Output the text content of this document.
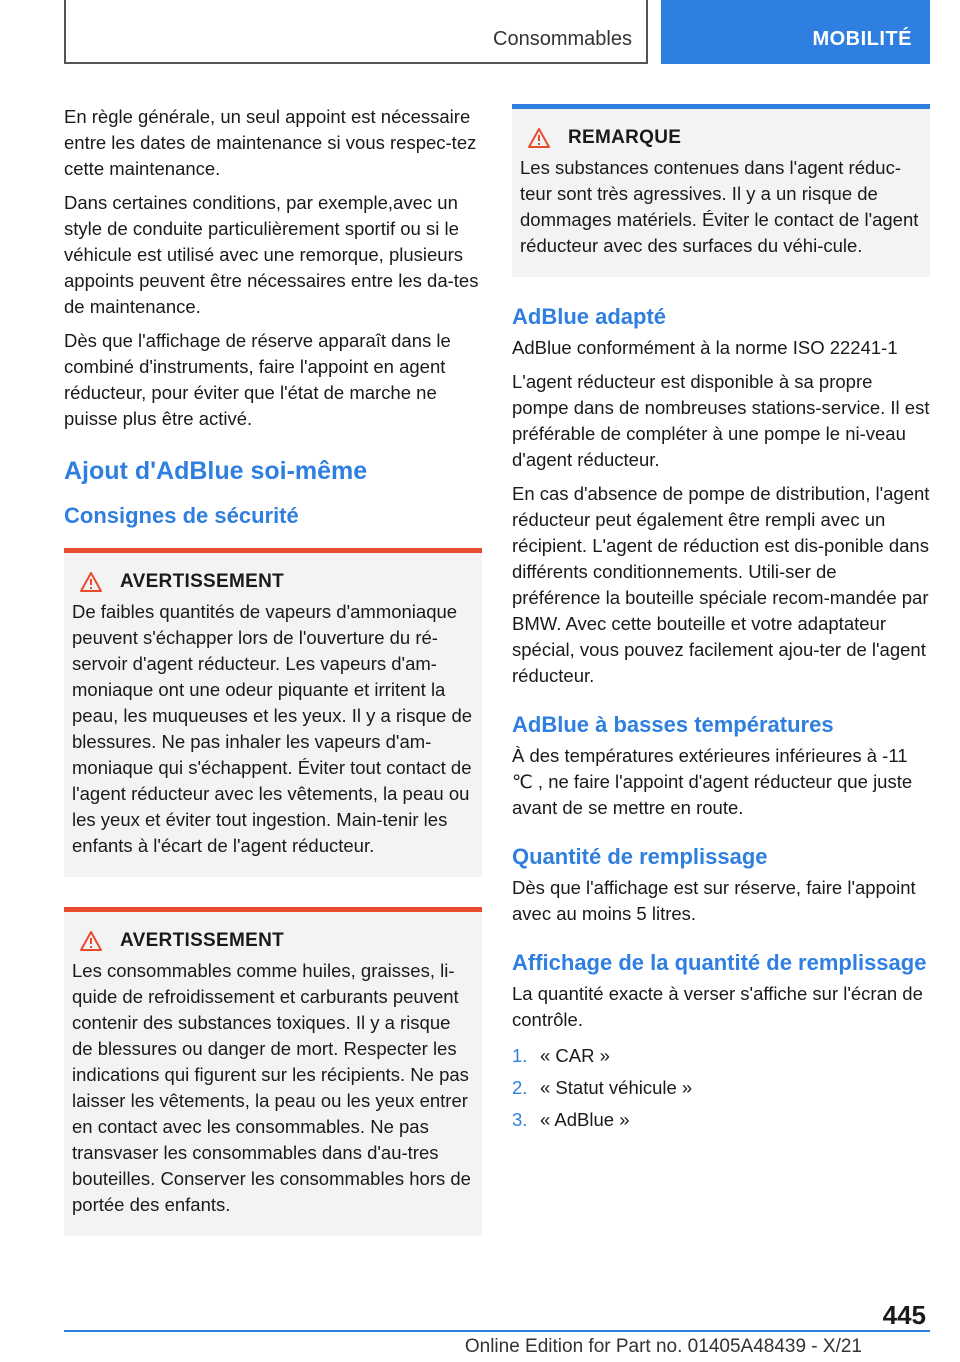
Consommables	MOBILITÉ

En règle générale, un seul appoint est nécessaire entre les dates de maintenance si vous respec-tez cette maintenance.

Dans certaines conditions, par exemple,avec un style de conduite particulièrement sportif ou si le véhicule est utilisé avec une remorque, plusieurs appoints peuvent être nécessaires entre les da-tes de maintenance.

Dès que l'affichage de réserve apparaît dans le combiné d'instruments, faire l'appoint en agent réducteur, pour éviter que l'état de marche ne puisse plus être activé.

Ajout d'AdBlue soi-même
Consignes de sécurité
AVERTISSEMENT

De faibles quantités de vapeurs d'ammoniaque peuvent s'échapper lors de l'ouverture du ré-servoir d'agent réducteur. Les vapeurs d'am-moniaque ont une odeur piquante et irritent la peau, les muqueuses et les yeux. Il y a risque de blessures. Ne pas inhaler les vapeurs d'am-moniaque qui s'échappent. Éviter tout contact de l'agent réducteur avec les vêtements, la peau ou les yeux et éviter tout ingestion. Main-tenir les enfants à l'écart de l'agent réducteur.

AVERTISSEMENT

Les consommables comme huiles, graisses, li-quide de refroidissement et carburants peuvent contenir des substances toxiques. Il y a risque de blessures ou danger de mort. Respecter les indications qui figurent sur les récipients. Ne pas laisser les vêtements, la peau ou les yeux entrer en contact avec les consommables. Ne pas transvaser les consommables dans d'au-tres bouteilles. Conserver les consommables hors de portée des enfants.

REMARQUE

Les substances contenues dans l'agent réduc-teur sont très agressives. Il y a un risque de dommages matériels. Éviter le contact de l'agent réducteur avec des surfaces du véhi-cule.

AdBlue adapté

AdBlue conformément à la norme ISO 22241-1

L'agent réducteur est disponible à sa propre pompe dans de nombreuses stations-service. Il est préférable de compléter à une pompe le ni-veau d'agent réducteur.

En cas d'absence de pompe de distribution, l'agent réducteur peut également être rempli avec un récipient. L'agent de réduction est dis-ponible dans différents conditionnements. Utili-ser de préférence la bouteille spéciale recom-mandée par BMW. Avec cette bouteille et votre adaptateur spécial, vous pouvez facilement ajou-ter de l'agent réducteur.

AdBlue à basses températures

À des températures extérieures inférieures à -11 ℃ , ne faire l'appoint d'agent réducteur que juste avant de se mettre en route.

Quantité de remplissage

Dès que l'affichage est sur réserve, faire l'appoint avec au moins 5 litres.

Affichage de la quantité de remplissage

La quantité exacte à verser s'affiche sur l'écran de contrôle.

1. « CAR »
2. « Statut véhicule »
3. « AdBlue »
445
Online Edition for Part no. 01405A48439 - X/21
